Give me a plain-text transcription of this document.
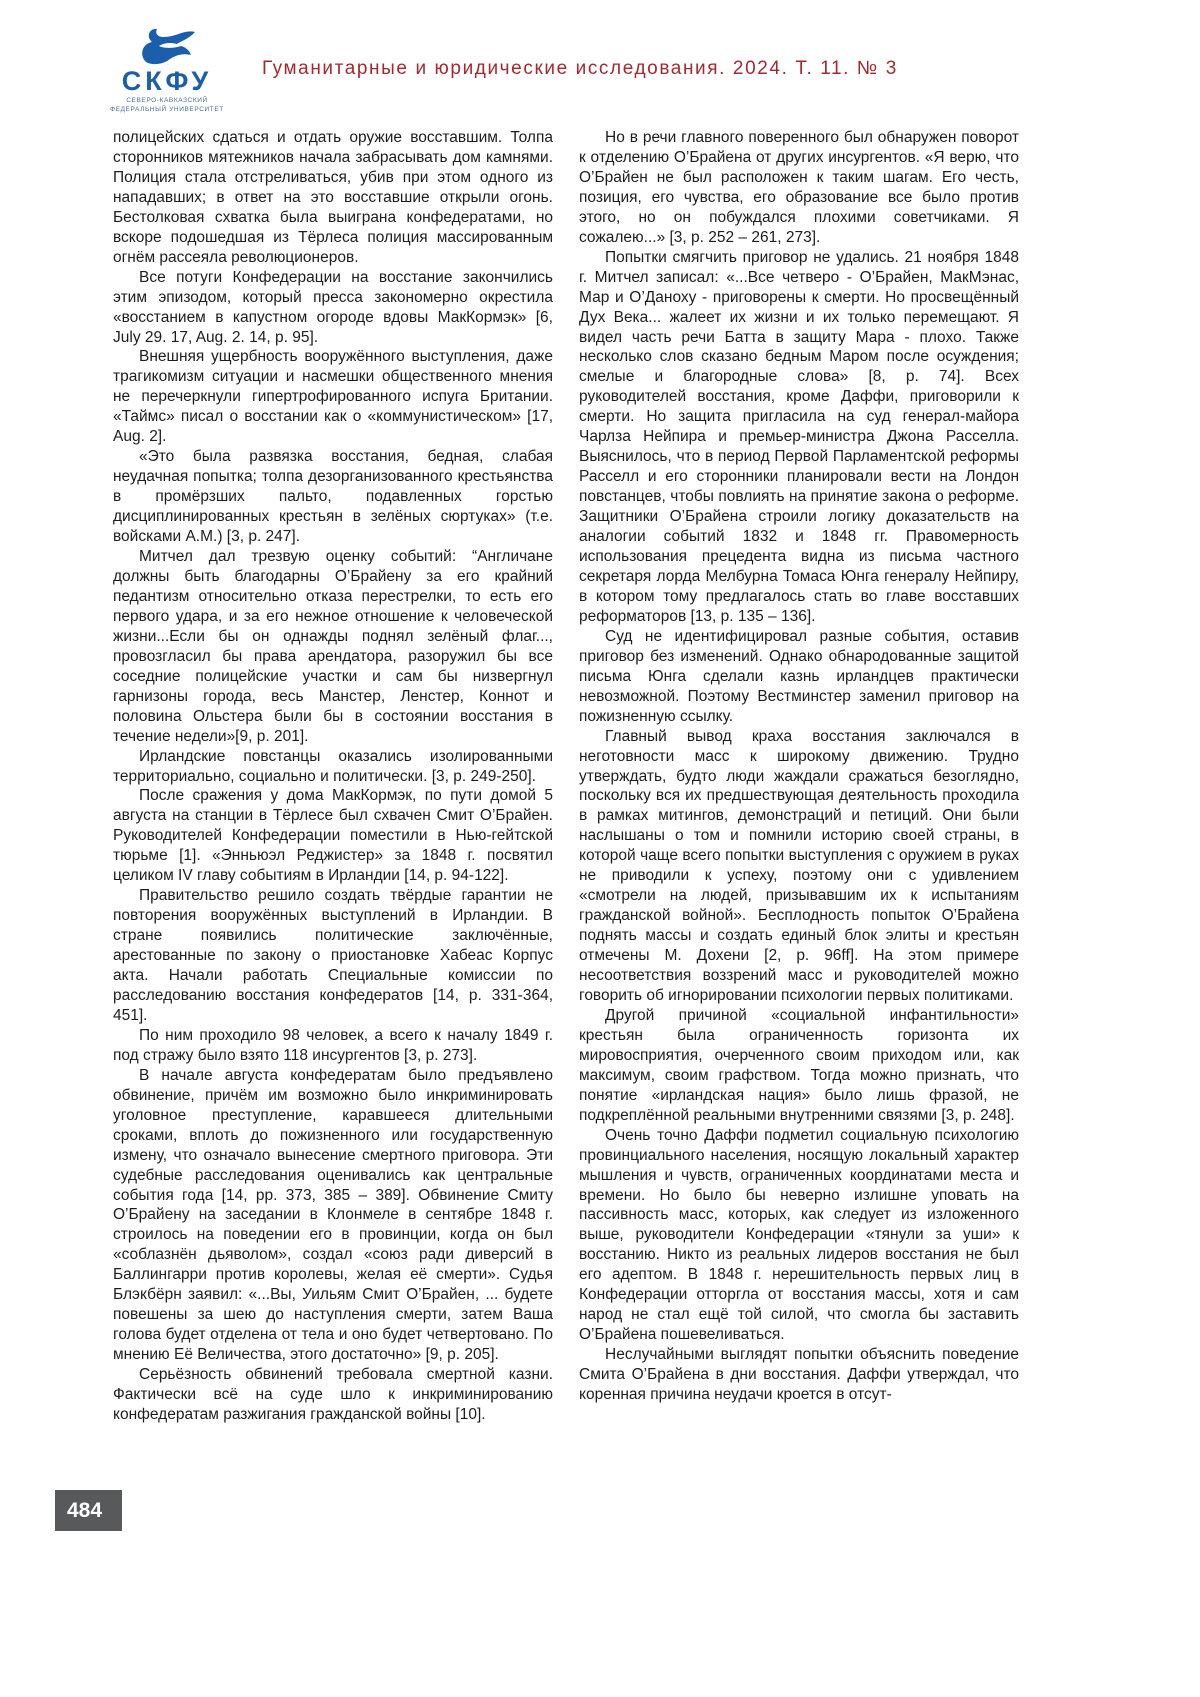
СКФУ
СЕВЕРО-КАВКАЗСКИЙ
ФЕДЕРАЛЬНЫЙ УНИВЕРСИТЕТ
Гуманитарные и юридические исследования. 2024. Т. 11. № 3

полицейских сдаться и отдать оружие восставшим. Толпа сторонников мятежников начала забрасывать дом камнями. Полиция стала отстреливаться, убив при этом одного из нападавших; в ответ на это восставшие открыли огонь. Бестолковая схватка была выиграна конфедератами, но вскоре подошедшая из Тёрлеса полиция массированным огнём рассеяла революционеров.

Все потуги Конфедерации на восстание закончились этим эпизодом, который пресса закономерно окрестила «восстанием в капустном огороде вдовы МакКормэк» [6, July 29. 17, Aug. 2. 14, p. 95].

Внешняя ущербность вооружённого выступления, даже трагикомизм ситуации и насмешки общественного мнения не перечеркнули гипертрофированного испуга Британии. «Таймс» писал о восстании как о «коммунистическом» [17, Aug. 2].

«Это была развязка восстания, бедная, слабая неудачная попытка; толпа дезорганизованного крестьянства в промёрзших пальто, подавленных горстью дисциплинированных крестьян в зелёных сюртуках» (т.е. войсками А.М.) [3, р. 247].

Митчел дал трезвую оценку событий: “Англичане должны быть благодарны О’Брайену за его крайний педантизм относительно отказа перестрелки, то есть его первого удара, и за его нежное отношение к человеческой жизни...Если бы он однажды поднял зелёный флаг..., провозгласил бы права арендатора, разоружил бы все соседние полицейские участки и сам бы низвергнул гарнизоны города, весь Манстер, Ленстер, Коннот и половина Ольстера были бы в состоянии восстания в течение недели»[9, р. 201].

Ирландские повстанцы оказались изолированными территориально, социально и политически. [3, р. 249-250].

После сражения у дома МакКормэк, по пути домой 5 августа на станции в Тёрлесе был схвачен Смит О’Брайен. Руководителей Конфедерации поместили в Нью-гейтской тюрьме [1]. «Энньюэл Реджистер» за 1848 г. посвятил целиком IV главу событиям в Ирландии [14, р. 94-122].

Правительство решило создать твёрдые гарантии не повторения вооружённых выступлений в Ирландии. В стране появились политические заключённые, арестованные по закону о приостановке Хабеас Корпус акта. Начали работать Специальные комиссии по расследованию восстания конфедератов [14, р. 331-364, 451].

По ним проходило 98 человек, а всего к началу 1849 г. под стражу было взято 118 инсургентов [3, р. 273].

В начале августа конфедератам было предъявлено обвинение, причём им возможно было инкриминировать уголовное преступление, каравшееся длительными сроками, вплоть до пожизненного или государственную измену, что означало вынесение смертного приговора. Эти судебные расследования оценивались как центральные события года [14, рр. 373, 385 – 389]. Обвинение Смиту О’Брайену на заседании в Клонмеле в сентябре 1848 г. строилось на поведении его в провинции, когда он был «соблазнён дьяволом», создал «союз ради диверсий в Баллингарри против королевы, желая её смерти». Судья Блэкбёрн заявил: «...Вы, Уильям Смит О’Брайен, ... будете повешены за шею до наступления смерти, затем Ваша голова будет отделена от тела и оно будет четвертовано. По мнению Её Величества, этого достаточно» [9, р. 205].

Серьёзность обвинений требовала смертной казни. Фактически всё на суде шло к инкриминированию конфедератам разжигания гражданской войны [10].

Но в речи главного поверенного был обнаружен поворот к отделению О’Брайена от других инсургентов. «Я верю, что О’Брайен не был расположен к таким шагам. Его честь, позиция, его чувства, его образование все было против этого, но он побуждался плохими советчиками. Я сожалею...» [3, р. 252 – 261, 273].

Попытки смягчить приговор не удались. 21 ноября 1848 г. Митчел записал: «...Все четверо - О’Брайен, МакМэнас, Мар и О’Даноху - приговорены к смерти. Но просвещённый Дух Века... жалеет их жизни и их только перемещают. Я видел часть речи Батта в защиту Мара - плохо. Также несколько слов сказано бедным Маром после осуждения; смелые и благородные слова» [8, р. 74]. Всех руководителей восстания, кроме Даффи, приговорили к смерти. Но защита пригласила на суд генерал-майора Чарлза Нейпира и премьер-министра Джона Расселла. Выяснилось, что в период Первой Парламентской реформы Расселл и его сторонники планировали вести на Лондон повстанцев, чтобы повлиять на принятие закона о реформе. Защитники О’Брайена строили логику доказательств на аналогии событий 1832 и 1848 гг. Правомерность использования прецедента видна из письма частного секретаря лорда Мелбурна Томаса Юнга генералу Нейпиру, в котором тому предлагалось стать во главе восставших реформаторов [13, р. 135 – 136].

Суд не идентифицировал разные события, оставив приговор без изменений. Однако обнародованные защитой письма Юнга сделали казнь ирландцев практически невозможной. Поэтому Вестминстер заменил приговор на пожизненную ссылку.

Главный вывод краха восстания заключался в неготовности масс к широкому движению. Трудно утверждать, будто люди жаждали сражаться безоглядно, поскольку вся их предшествующая деятельность проходила в рамках митингов, демонстраций и петиций. Они были наслышаны о том и помнили историю своей страны, в которой чаще всего попытки выступления с оружием в руках не приводили к успеху, поэтому они с удивлением «смотрели на людей, призывавшим их к испытаниям гражданской войной». Бесплодность попыток О’Брайена поднять массы и создать единый блок элиты и крестьян отмечены М. Дохени [2, р. 96ff]. На этом примере несоответствия воззрений масс и руководителей можно говорить об игнорировании психологии первых политиками.

Другой причиной «социальной инфантильности» крестьян была ограниченность горизонта их мировосприятия, очерченного своим приходом или, как максимум, своим графством. Тогда можно признать, что понятие «ирландская нация» было лишь фразой, не подкреплённой реальными внутренними связями [3, р. 248].

Очень точно Даффи подметил социальную психологию провинциального населения, носящую локальный характер мышления и чувств, ограниченных координатами места и времени. Но было бы неверно излишне уповать на пассивность масс, которых, как следует из изложенного выше, руководители Конфедерации «тянули за уши» к восстанию. Никто из реальных лидеров восстания не был его адептом. В 1848 г. нерешительность первых лиц в Конфедерации отторгла от восстания массы, хотя и сам народ не стал ещё той силой, что смогла бы заставить О’Брайена пошевеливаться.

Неслучайными выглядят попытки объяснить поведение Смита О’Брайена в дни восстания. Даффи утверждал, что коренная причина неудачи кроется в отсут-

484
